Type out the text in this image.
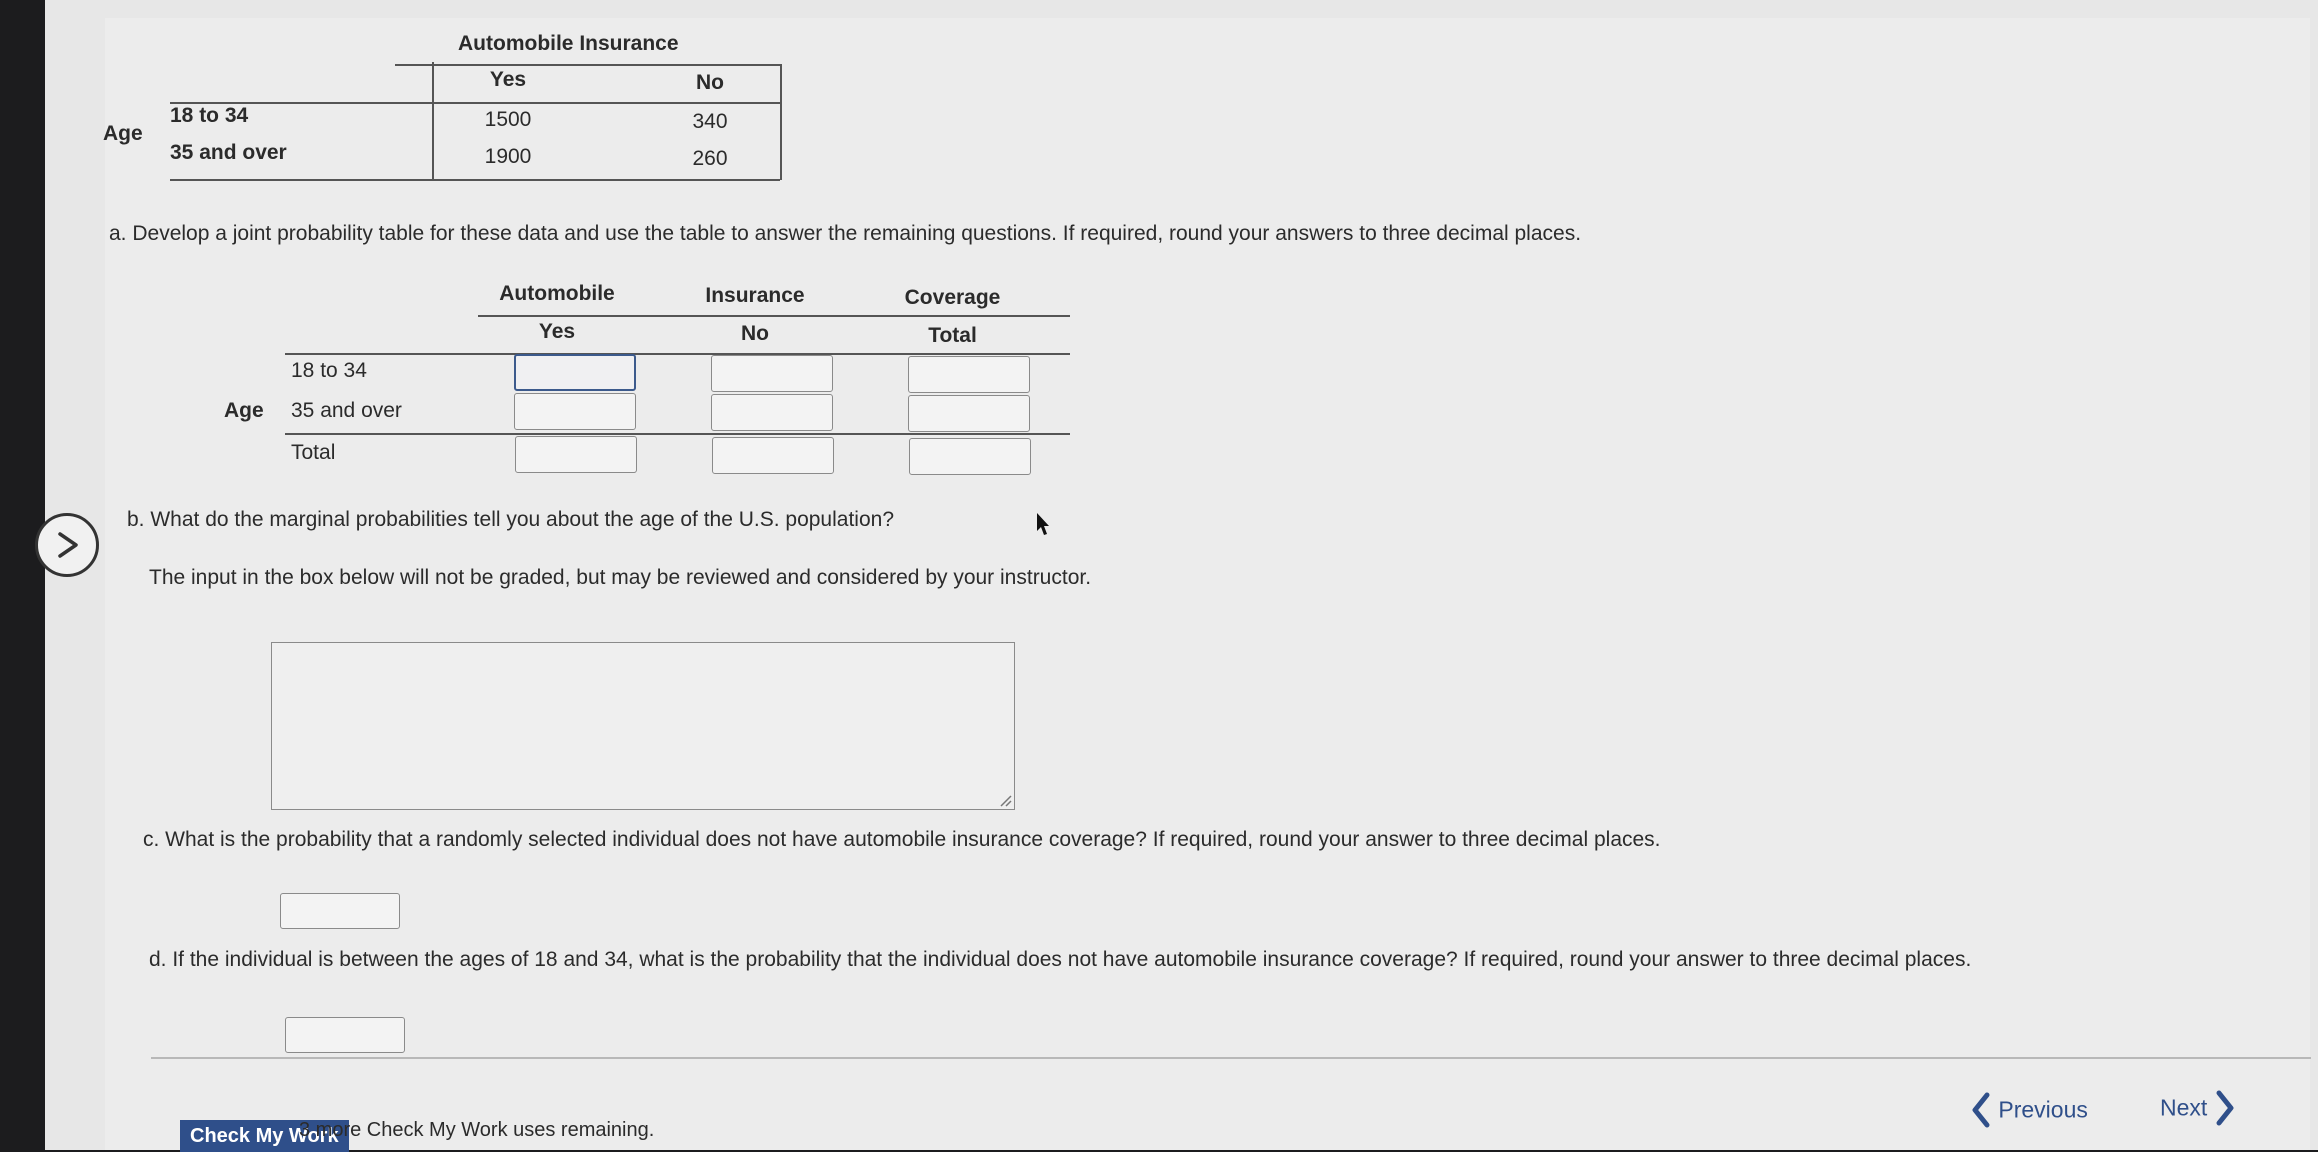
Automobile Insurance
Yes	No
Age
18 to 34	1500	340
35 and over	1900	260
a. Develop a joint probability table for these data and use the table to answer the remaining questions. If required, round your answers to three decimal places.
Automobile	Insurance	Coverage
Yes	No	Total
Age
18 to 34
35 and over
Total
b. What do the marginal probabilities tell you about the age of the U.S. population?
The input in the box below will not be graded, but may be reviewed and considered by your instructor.
c. What is the probability that a randomly selected individual does not have automobile insurance coverage? If required, round your answer to three decimal places.
d. If the individual is between the ages of 18 and 34, what is the probability that the individual does not have automobile insurance coverage? If required, round your answer to three decimal places.
Check My Work
3 more Check My Work uses remaining.
Previous	Next
